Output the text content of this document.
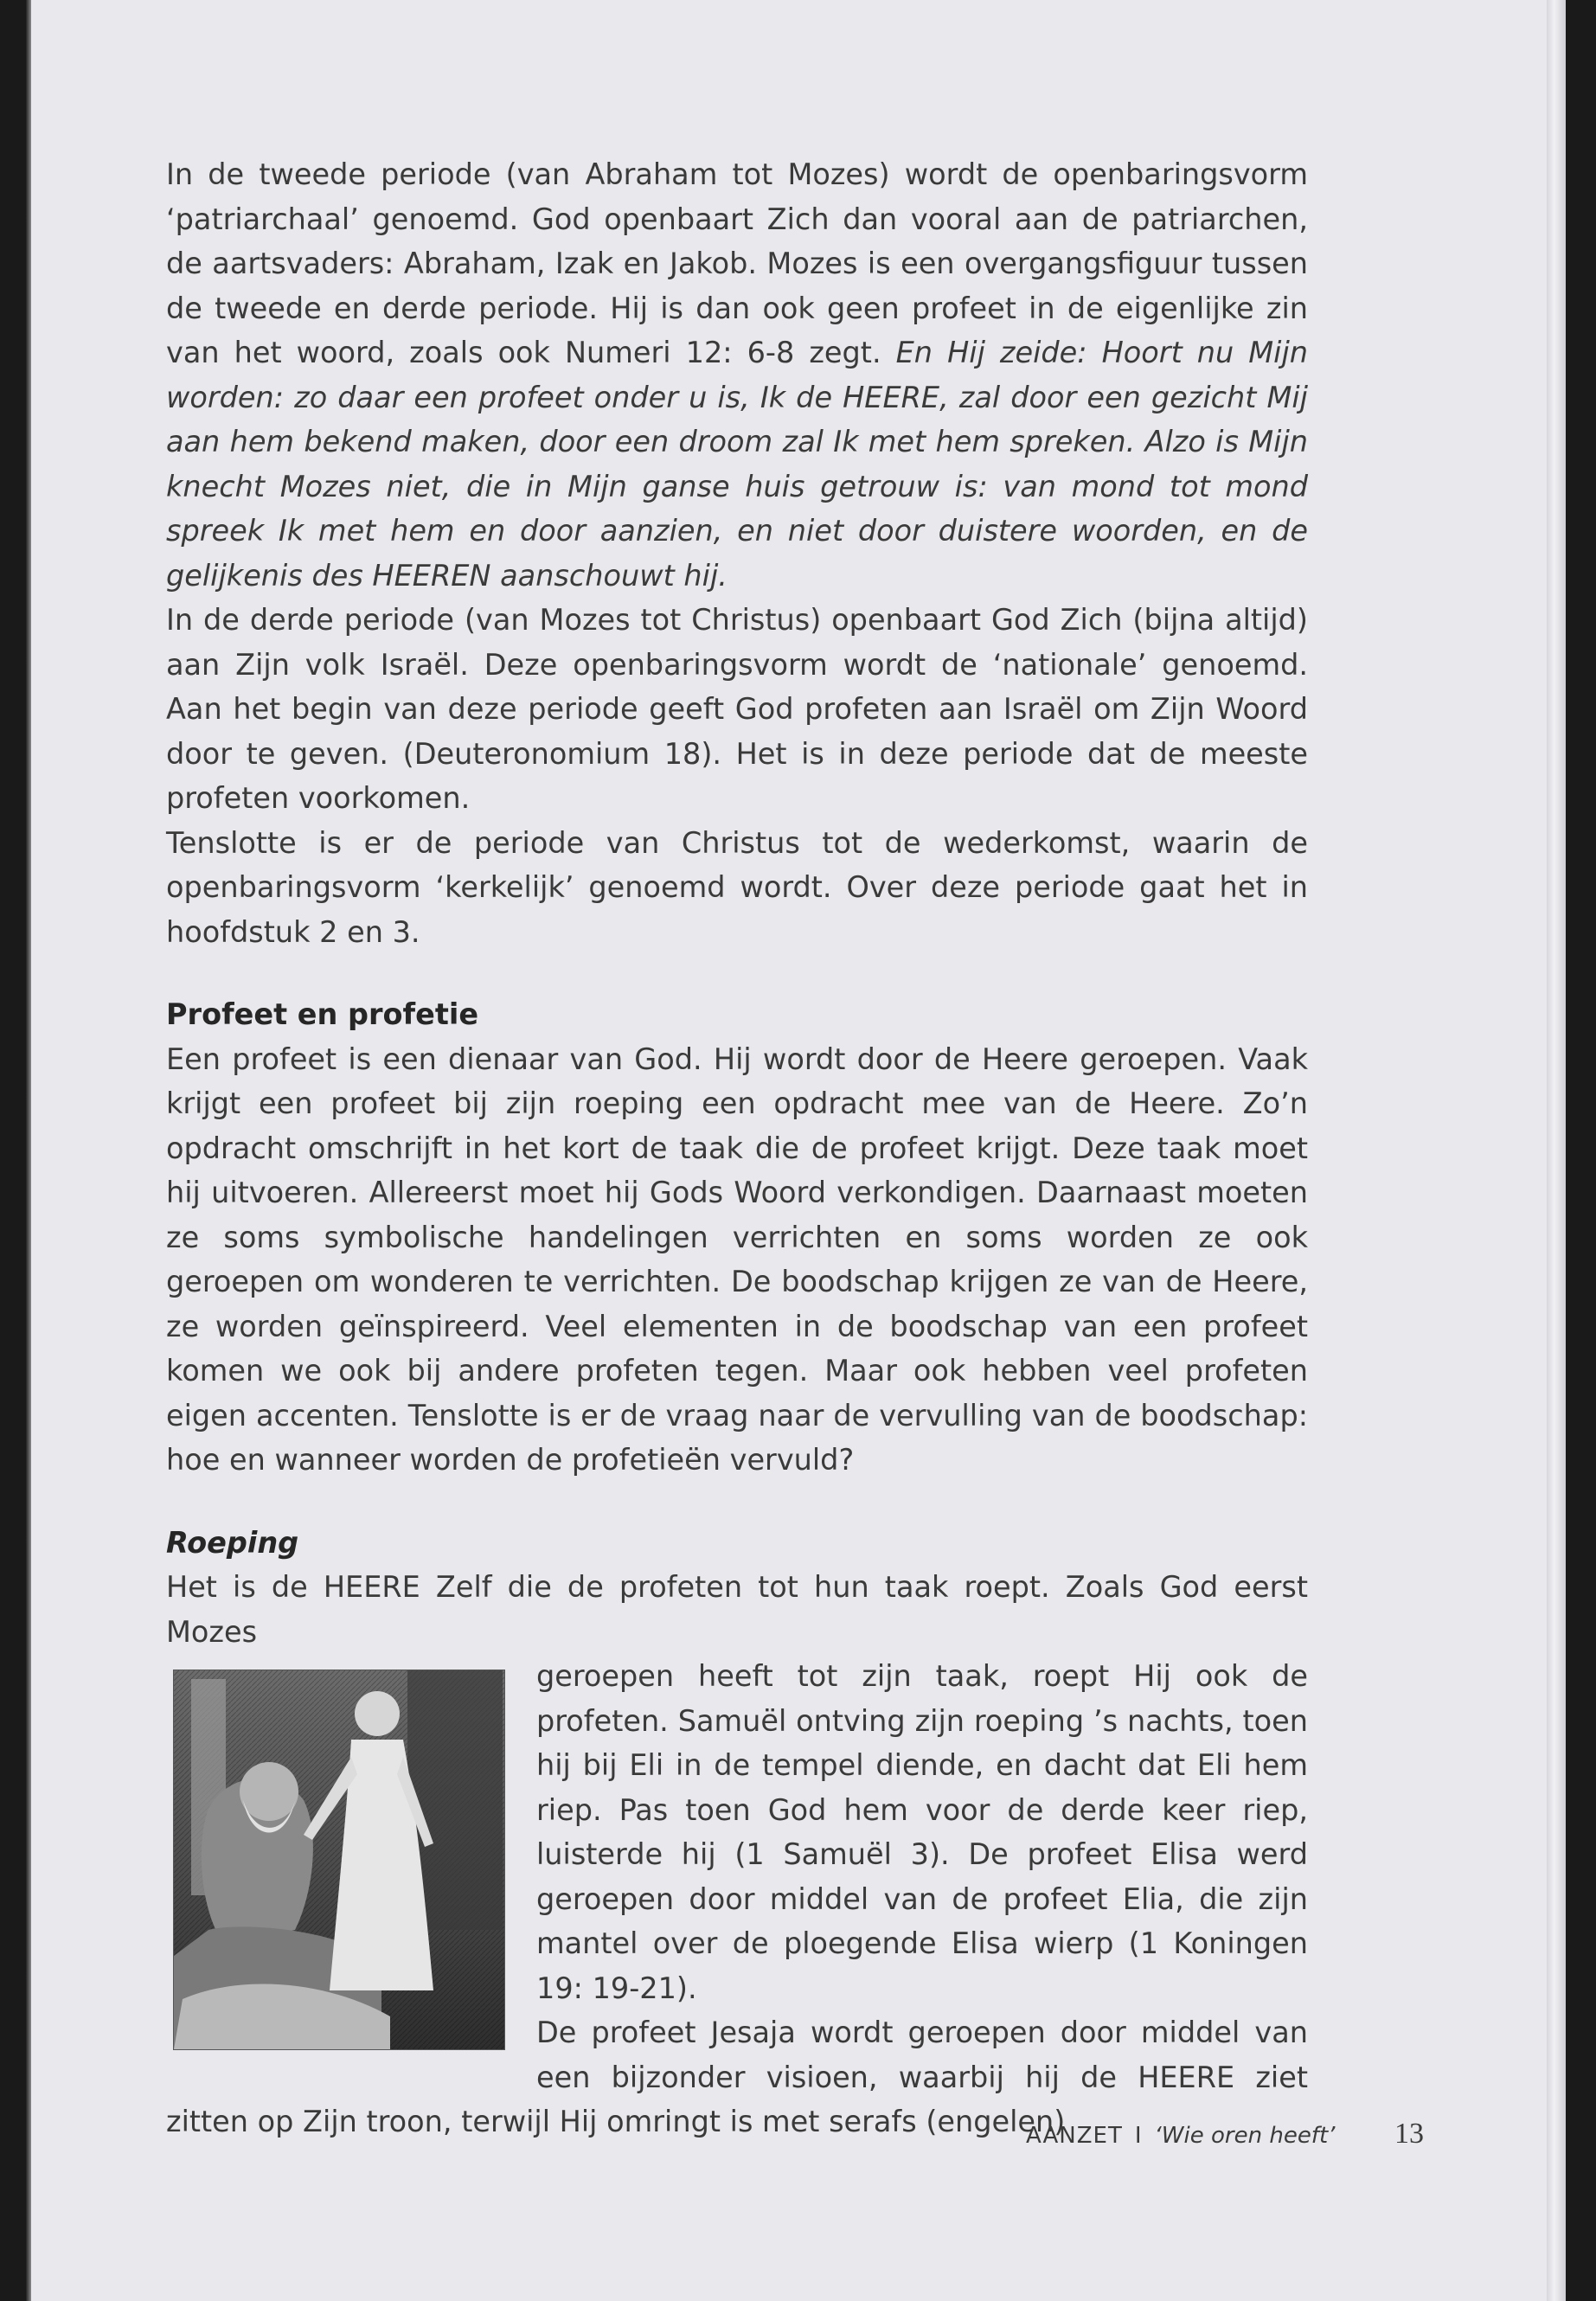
In de tweede periode (van Abraham tot Mozes) wordt de openbaringsvorm ‘patriarchaal’ genoemd. God openbaart Zich dan vooral aan de patriarchen, de aartsvaders: Abraham, Izak en Jakob. Mozes is een overgangsfiguur tussen de tweede en derde periode. Hij is dan ook geen profeet in de eigenlijke zin van het woord, zoals ook Numeri 12: 6-8 zegt. En Hij zeide: Hoort nu Mijn worden: zo daar een profeet onder u is, Ik de HEERE, zal door een gezicht Mij aan hem bekend maken, door een droom zal Ik met hem spreken. Alzo is Mijn knecht Mozes niet, die in Mijn ganse huis getrouw is: van mond tot mond spreek Ik met hem en door aanzien, en niet door duistere woorden, en de gelijkenis des HEEREN aanschouwt hij.

In de derde periode (van Mozes tot Christus) openbaart God Zich (bijna altijd) aan Zijn volk Israël. Deze openbaringsvorm wordt de ‘nationale’ genoemd. Aan het begin van deze periode geeft God profeten aan Israël om Zijn Woord door te geven. (Deuteronomium 18). Het is in deze periode dat de meeste profeten voorkomen.

Tenslotte is er de periode van Christus tot de wederkomst, waarin de openbaringsvorm ‘kerkelijk’ genoemd wordt. Over deze periode gaat het in hoofdstuk 2 en 3.

Profeet en profetie

Een profeet is een dienaar van God. Hij wordt door de Heere geroepen. Vaak krijgt een profeet bij zijn roeping een opdracht mee van de Heere. Zo’n opdracht omschrijft in het kort de taak die de profeet krijgt. Deze taak moet hij uitvoeren. Allereerst moet hij Gods Woord verkondigen. Daarnaast moeten ze soms symbolische handelingen verrichten en soms worden ze ook geroepen om wonderen te verrichten. De boodschap krijgen ze van de Heere, ze worden geïnspireerd. Veel elementen in de boodschap van een profeet komen we ook bij andere profeten tegen. Maar ook hebben veel profeten eigen accenten. Tenslotte is er de vraag naar de vervulling van de boodschap: hoe en wanneer worden de profetieën vervuld?

Roeping

Het is de HEERE Zelf die de profeten tot hun taak roept. Zoals God eerst Mozes
geroepen heeft tot zijn taak, roept Hij ook de profeten. Samuël ontving zijn roeping ’s nachts, toen hij bij Eli in de tempel diende, en dacht dat Eli hem riep. Pas toen God hem voor de derde keer riep, luisterde hij (1 Samuël 3). De profeet Elisa werd geroepen door middel van de profeet Elia, die zijn mantel over de ploegende Elisa wierp (1 Koningen 19: 19-21).

De profeet Jesaja wordt geroepen door middel van een bijzonder visioen, waarbij hij de HEERE ziet zitten op Zijn troon, terwijl Hij omringt is met serafs (engelen)

AANZET I ‘Wie oren heeft’ 13
